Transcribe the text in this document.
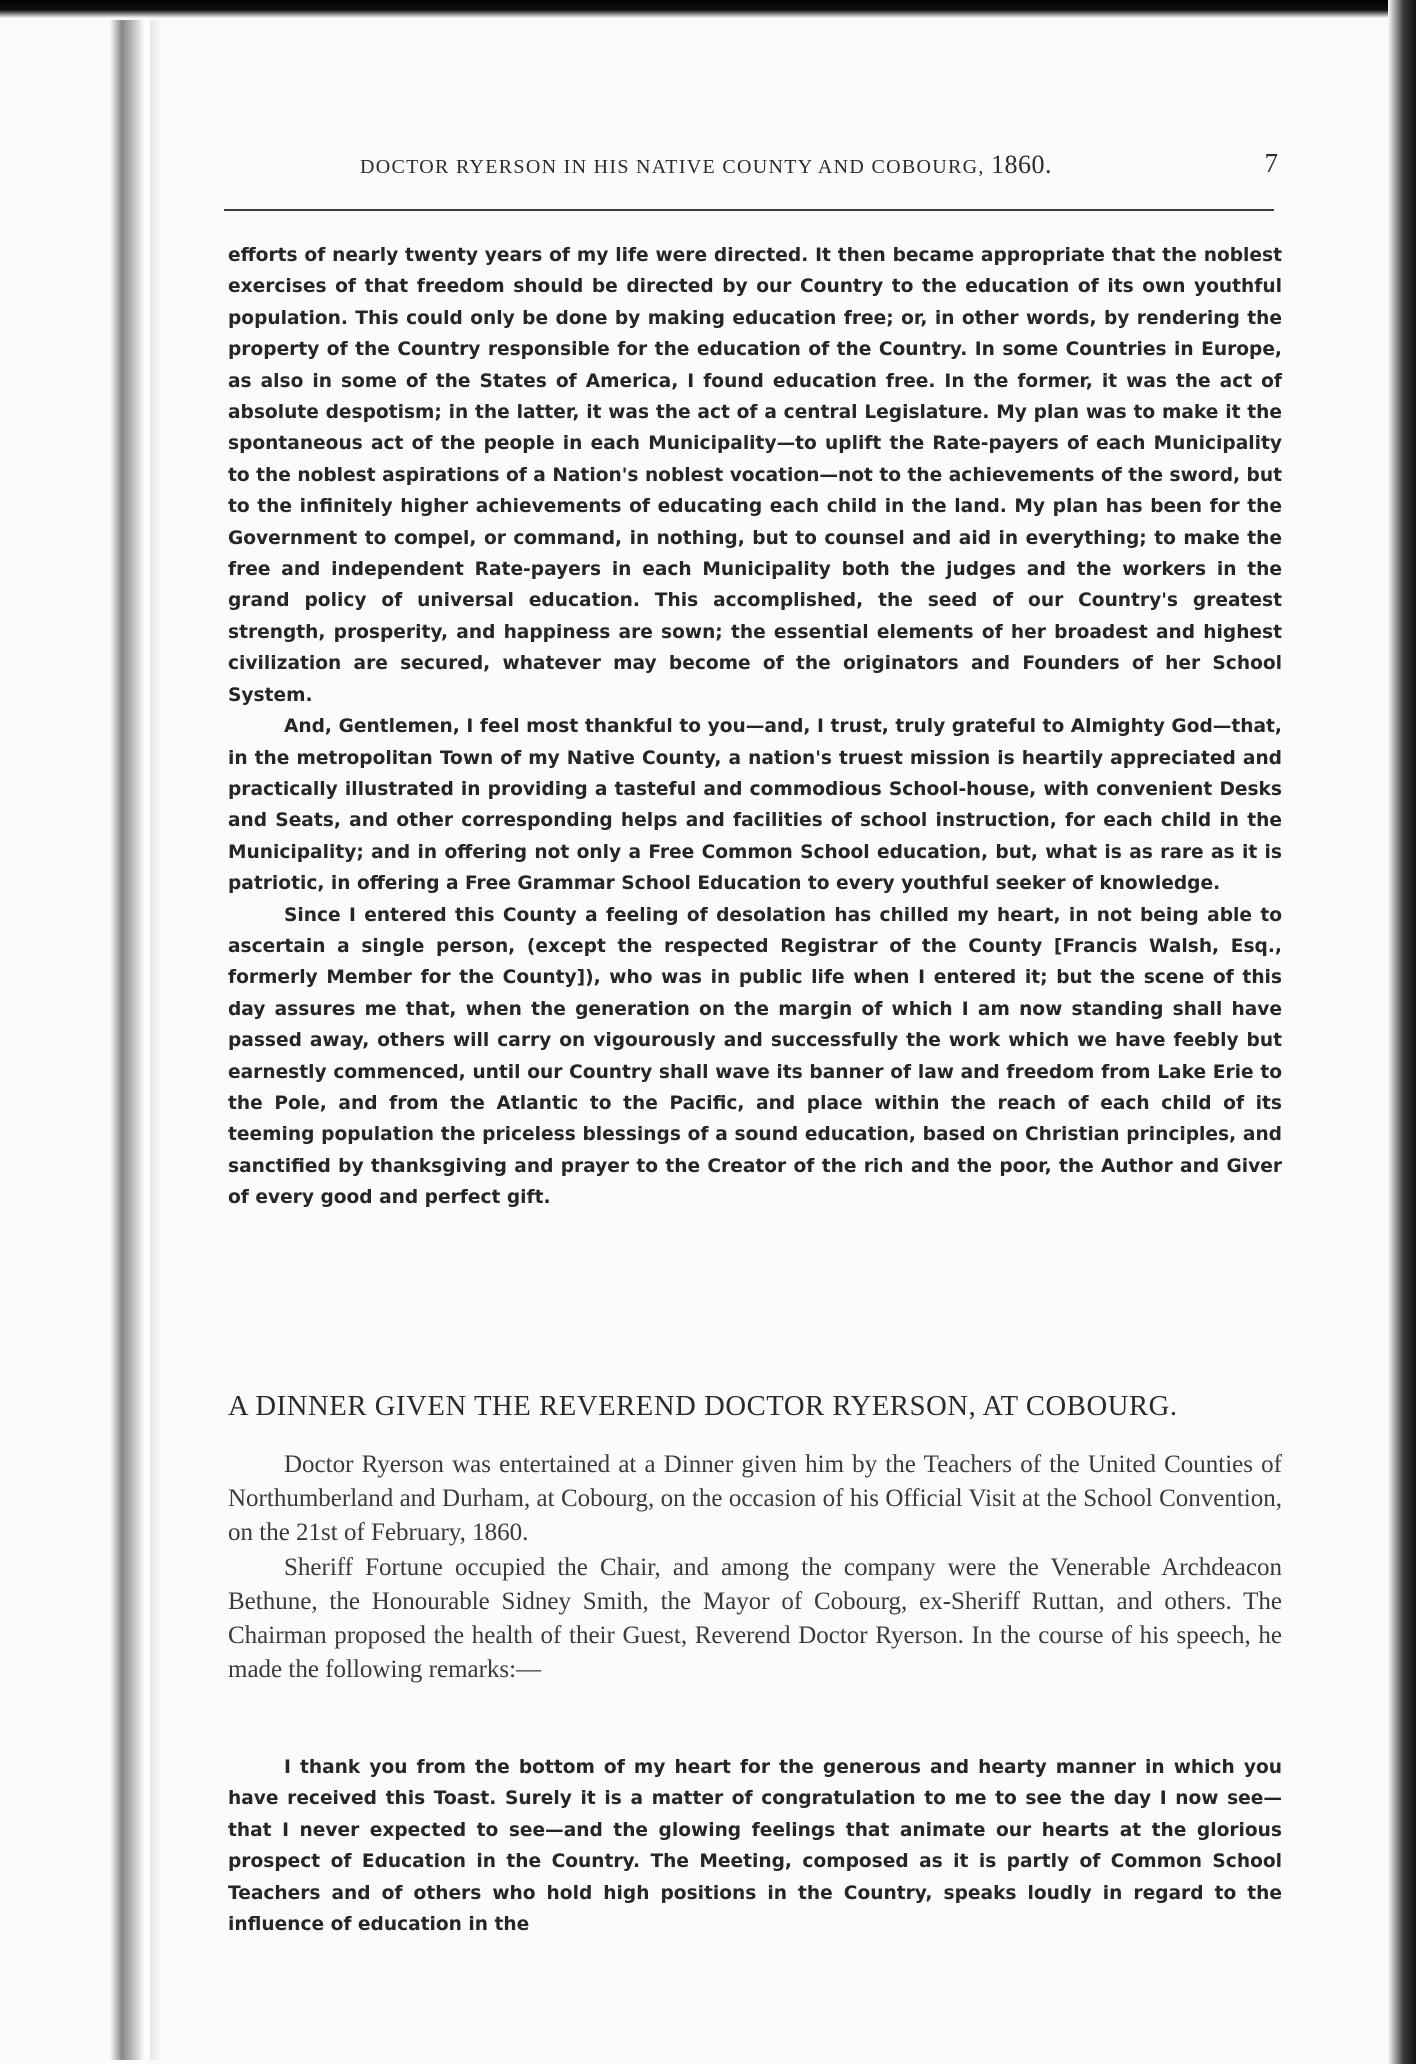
DOCTOR RYERSON IN HIS NATIVE COUNTY AND COBOURG, 1860.	7

efforts of nearly twenty years of my life were directed. It then became appropriate that the noblest exercises of that freedom should be directed by our Country to the education of its own youthful population. This could only be done by making education free; or, in other words, by rendering the property of the Country responsible for the education of the Country. In some Countries in Europe, as also in some of the States of America, I found education free. In the former, it was the act of absolute despotism; in the latter, it was the act of a central Legislature. My plan was to make it the spontaneous act of the people in each Municipality—to uplift the Rate-payers of each Municipality to the noblest aspirations of a Nation's noblest vocation—not to the achievements of the sword, but to the infinitely higher achievements of educating each child in the land. My plan has been for the Government to compel, or command, in nothing, but to counsel and aid in everything; to make the free and independent Rate-payers in each Municipality both the judges and the workers in the grand policy of universal education. This accomplished, the seed of our Country's greatest strength, prosperity, and happiness are sown; the essential elements of her broadest and highest civilization are secured, whatever may become of the originators and Founders of her School System.

And, Gentlemen, I feel most thankful to you—and, I trust, truly grateful to Almighty God—that, in the metropolitan Town of my Native County, a nation's truest mission is heartily appreciated and practically illustrated in providing a tasteful and commodious School-house, with convenient Desks and Seats, and other corresponding helps and facilities of school instruction, for each child in the Municipality; and in offering not only a Free Common School education, but, what is as rare as it is patriotic, in offering a Free Grammar School Education to every youthful seeker of knowledge.

Since I entered this County a feeling of desolation has chilled my heart, in not being able to ascertain a single person, (except the respected Registrar of the County [Francis Walsh, Esq., formerly Member for the County]), who was in public life when I entered it; but the scene of this day assures me that, when the generation on the margin of which I am now standing shall have passed away, others will carry on vigourously and successfully the work which we have feebly but earnestly commenced, until our Country shall wave its banner of law and freedom from Lake Erie to the Pole, and from the Atlantic to the Pacific, and place within the reach of each child of its teeming population the priceless blessings of a sound education, based on Christian principles, and sanctified by thanksgiving and prayer to the Creator of the rich and the poor, the Author and Giver of every good and perfect gift.

A DINNER GIVEN THE REVEREND DOCTOR RYERSON, AT COBOURG.

Doctor Ryerson was entertained at a Dinner given him by the Teachers of the United Counties of Northumberland and Durham, at Cobourg, on the occasion of his Official Visit at the School Convention, on the 21st of February, 1860.

Sheriff Fortune occupied the Chair, and among the company were the Venerable Archdeacon Bethune, the Honourable Sidney Smith, the Mayor of Cobourg, ex-Sheriff Ruttan, and others. The Chairman proposed the health of their Guest, Reverend Doctor Ryerson. In the course of his speech, he made the following remarks:—

I thank you from the bottom of my heart for the generous and hearty manner in which you have received this Toast. Surely it is a matter of congratulation to me to see the day I now see—that I never expected to see—and the glowing feelings that animate our hearts at the glorious prospect of Education in the Country. The Meeting, composed as it is partly of Common School Teachers and of others who hold high positions in the Country, speaks loudly in regard to the influence of education in the
